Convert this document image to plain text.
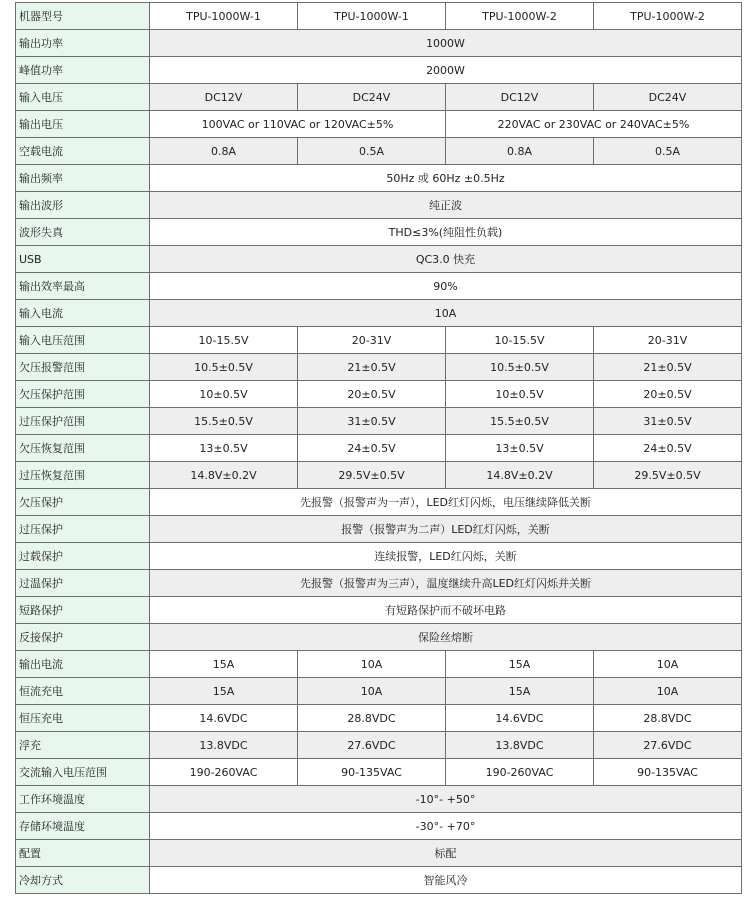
机器型号	TPU-1000W-1	TPU-1000W-1	TPU-1000W-2	TPU-1000W-2
输出功率	1000W			
峰值功率	2000W			
输入电压	DC12V	DC24V	DC12V	DC24V
输出电压	100VAC or 110VAC or 120VAC±5%		220VAC or 230VAC or 240VAC±5%	
空载电流	0.8A	0.5A	0.8A	0.5A
输出频率	50Hz 或 60Hz ±0.5Hz			
输出波形	纯正波			
波形失真	THD≤3%(纯阻性负载)			
USB	QC3.0 快充			
输出效率最高	90%			
输入电流	10A			
输入电压范围	10-15.5V	20-31V	10-15.5V	20-31V
欠压报警范围	10.5±0.5V	21±0.5V	10.5±0.5V	21±0.5V
欠压保护范围	10±0.5V	20±0.5V	10±0.5V	20±0.5V
过压保护范围	15.5±0.5V	31±0.5V	15.5±0.5V	31±0.5V
欠压恢复范围	13±0.5V	24±0.5V	13±0.5V	24±0.5V
过压恢复范围	14.8V±0.2V	29.5V±0.5V	14.8V±0.2V	29.5V±0.5V
欠压保护	先报警（报警声为一声），LED红灯闪烁，电压继续降低关断			
过压保护	报警（报警声为二声）LED红灯闪烁，关断			
过载保护	连续报警，LED红闪烁，关断			
过温保护	先报警（报警声为三声），温度继续升高LED红灯闪烁并关断			
短路保护	有短路保护而不破坏电路			
反接保护	保险丝熔断			
输出电流	15A	10A	15A	10A
恒流充电	15A	10A	15A	10A
恒压充电	14.6VDC	28.8VDC	14.6VDC	28.8VDC
浮充	13.8VDC	27.6VDC	13.8VDC	27.6VDC
交流输入电压范围	190-260VAC	90-135VAC	190-260VAC	90-135VAC
工作环境温度	-10°- +50°			
存储环境温度	-30°- +70°			
配置	标配			
冷却方式	智能风冷			
